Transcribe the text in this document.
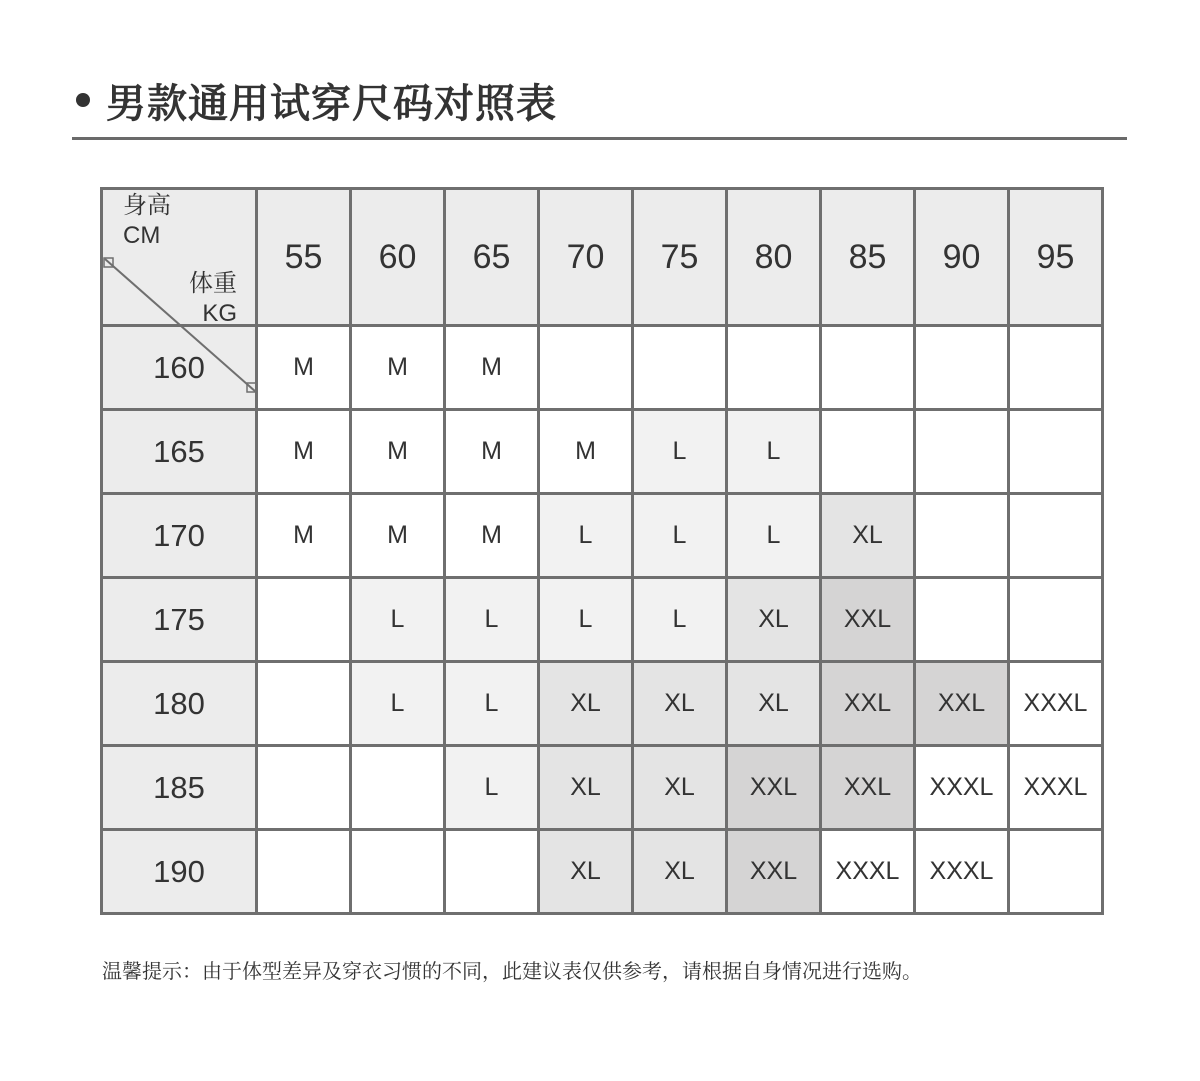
男款通用试穿尺码对照表
体重
KG
身高
CM	55	60	65	70	75	80	85	90	95
160	M	M	M						
165	M	M	M	M	L	L			
170	M	M	M	L	L	L	XL		
175		L	L	L	L	XL	XXL		
180		L	L	XL	XL	XL	XXL	XXL	XXXL
185			L	XL	XL	XXL	XXL	XXXL	XXXL
190				XL	XL	XXL	XXXL	XXXL	
温馨提示：由于体型差异及穿衣习惯的不同，此建议表仅供参考，请根据自身情况进行选购。
